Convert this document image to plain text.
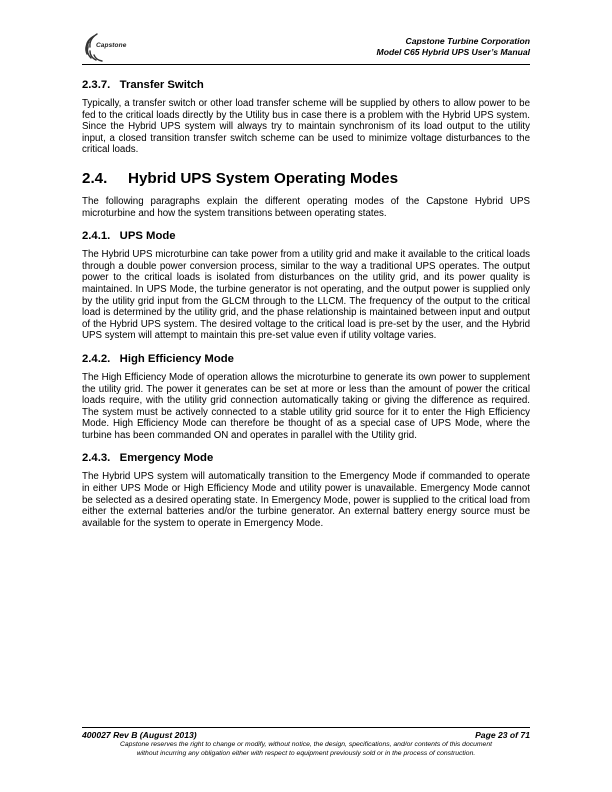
Capstone	Capstone Turbine Corporation
Model C65 Hybrid UPS User’s Manual
2.3.7.   Transfer Switch

Typically, a transfer switch or other load transfer scheme will be supplied by others to allow power to be fed to the critical loads directly by the Utility bus in case there is a problem with the Hybrid UPS system. Since the Hybrid UPS system will always try to maintain synchronism of its load output to the utility input, a closed transition transfer switch scheme can be used to minimize voltage disturbances to the critical loads.

2.4. Hybrid UPS System Operating Modes

The following paragraphs explain the different operating modes of the Capstone Hybrid UPS microturbine and how the system transitions between operating states.

2.4.1.   UPS Mode

The Hybrid UPS microturbine can take power from a utility grid and make it available to the critical loads through a double power conversion process, similar to the way a traditional UPS operates. The output power to the critical loads is isolated from disturbances on the utility grid, and its power quality is maintained. In UPS Mode, the turbine generator is not operating, and the output power is supplied only by the utility grid input from the GLCM through to the LLCM. The frequency of the output to the critical load is determined by the utility grid, and the phase relationship is maintained between input and output of the Hybrid UPS system. The desired voltage to the critical load is pre-set by the user, and the Hybrid UPS system will attempt to maintain this pre-set value even if utility voltage varies.

2.4.2.   High Efficiency Mode

The High Efficiency Mode of operation allows the microturbine to generate its own power to supplement the utility grid. The power it generates can be set at more or less than the amount of power the critical loads require, with the utility grid connection automatically taking or giving the difference as required. The system must be actively connected to a stable utility grid source for it to enter the High Efficiency Mode. High Efficiency Mode can therefore be thought of as a special case of UPS Mode, where the turbine has been commanded ON and operates in parallel with the Utility grid.

2.4.3.   Emergency Mode

The Hybrid UPS system will automatically transition to the Emergency Mode if commanded to operate in either UPS Mode or High Efficiency Mode and utility power is unavailable. Emergency Mode cannot be selected as a desired operating state. In Emergency Mode, power is supplied to the critical load from either the external batteries and/or the turbine generator. An external battery energy source must be available for the system to operate in Emergency Mode.

400027 Rev B (August 2013)	Page 23 of 71
Capstone reserves the right to change or modify, without notice, the design, specifications, and/or contents of this document
without incurring any obligation either with respect to equipment previously sold or in the process of construction.
